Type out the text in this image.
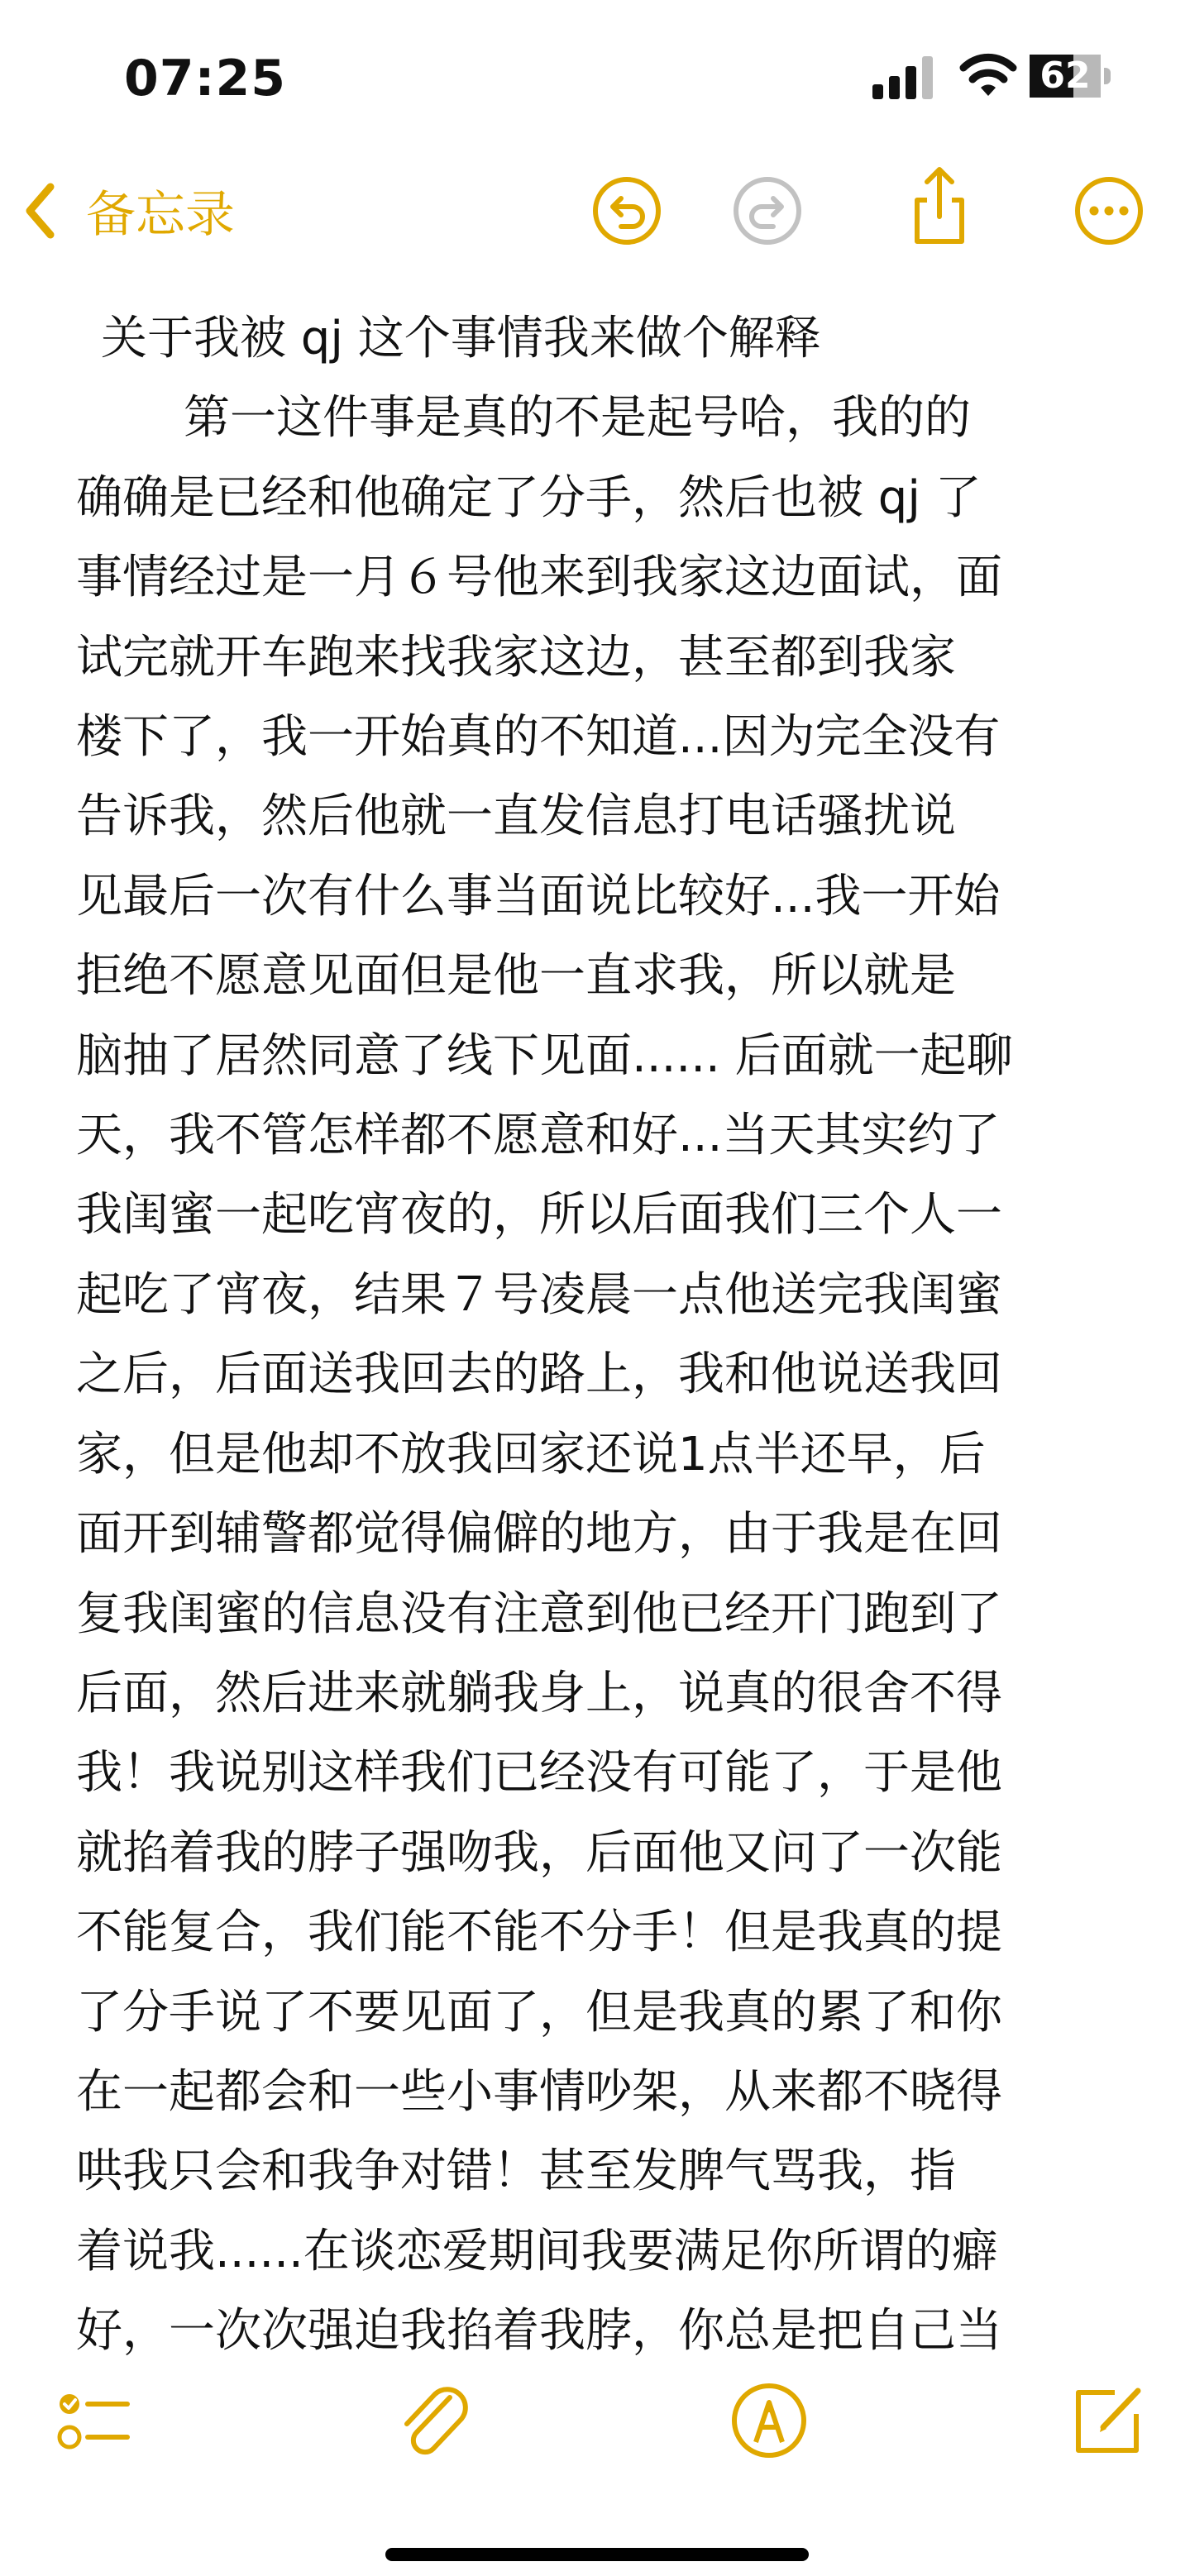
07:25	62
备忘录
关于我被 qj 这个事情我来做个解释

第一这件事是真的不是起号哈，我的的

确确是已经和他确定了分手，然后也被 qj 了

事情经过是一月６号他来到我家这边面试，面

试完就开车跑来找我家这边，甚至都到我家

楼下了，我一开始真的不知道...因为完全没有

告诉我，然后他就一直发信息打电话骚扰说

见最后一次有什么事当面说比较好...我一开始

拒绝不愿意见面但是他一直求我，所以就是

脑抽了居然同意了线下见面...... 后面就一起聊

天，我不管怎样都不愿意和好...当天其实约了

我闺蜜一起吃宵夜的，所以后面我们三个人一

起吃了宵夜，结果７号凌晨一点他送完我闺蜜

之后，后面送我回去的路上，我和他说送我回

家，但是他却不放我回家还说1点半还早，后

面开到辅警都觉得偏僻的地方，由于我是在回

复我闺蜜的信息没有注意到他已经开门跑到了

后面，然后进来就躺我身上，说真的很舍不得

我！我说别这样我们已经没有可能了，于是他

就掐着我的脖子强吻我，后面他又问了一次能

不能复合，我们能不能不分手！但是我真的提

了分手说了不要见面了，但是我真的累了和你

在一起都会和一些小事情吵架，从来都不晓得

哄我只会和我争对错！甚至发脾气骂我，指

着说我......在谈恋爱期间我要满足你所谓的癖

好，一次次强迫我掐着我脖，你总是把自己当
